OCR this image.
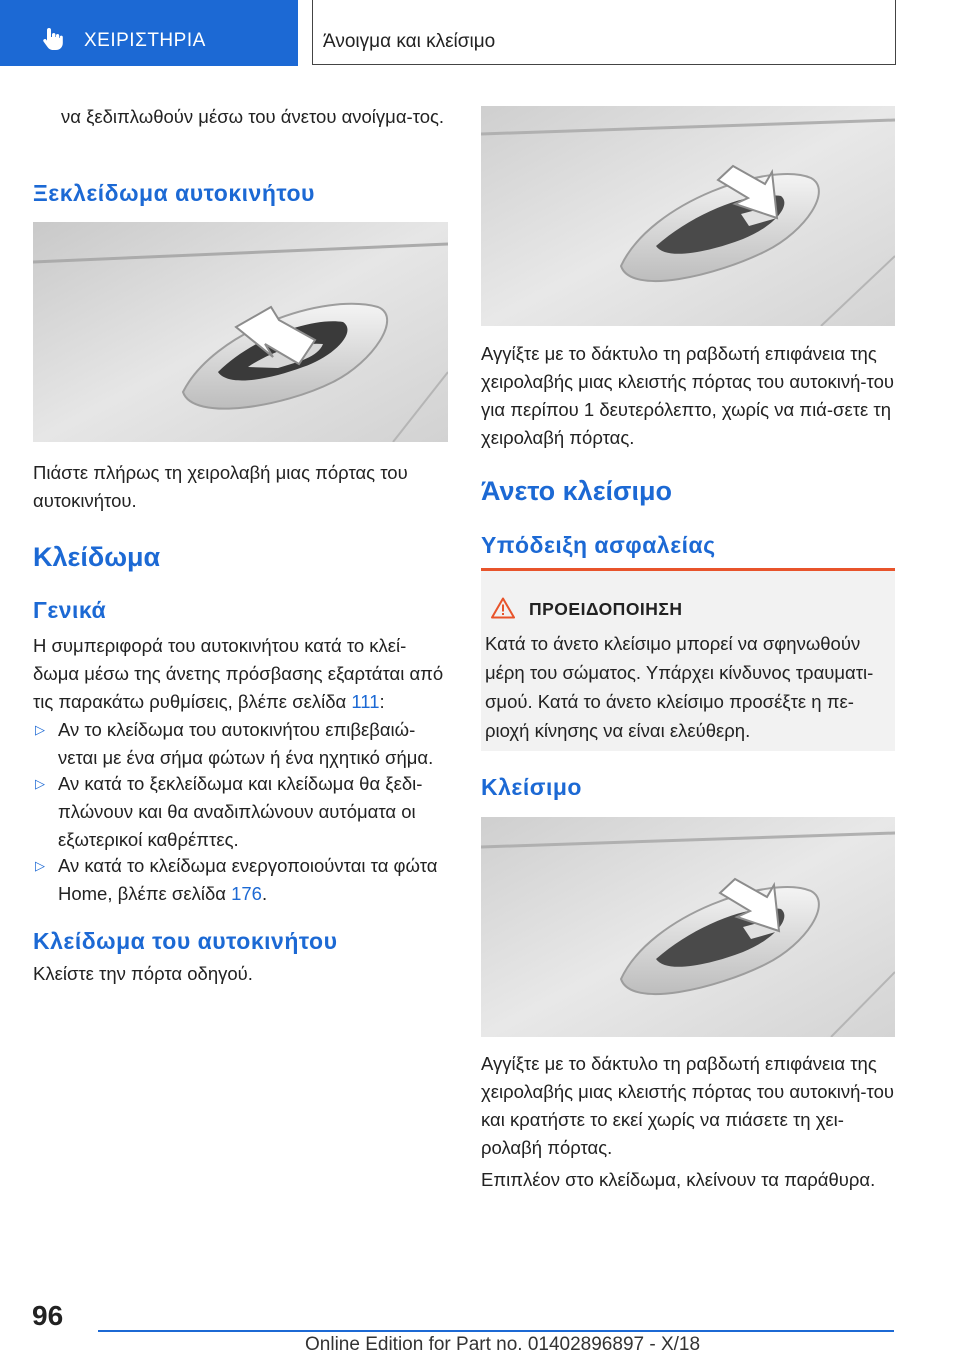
ΧΕΙΡΙΣΤΗΡΙΑ	Άνοιγμα και κλείσιμο

να ξεδιπλωθούν μέσω του άνετου ανοίγμα-τος.

Ξεκλείδωμα αυτοκινήτου

Πιάστε πλήρως τη χειρολαβή μιας πόρτας του αυτοκινήτου.

Κλείδωμα
Γενικά

Η συμπεριφορά του αυτοκινήτου κατά το κλεί-δωμα μέσω της άνετης πρόσβασης εξαρτάται από τις παρακάτω ρυθμίσεις, βλέπε σελίδα 111:

▷ Αν το κλείδωμα του αυτοκινήτου επιβεβαιώ-νεται με ένα σήμα φώτων ή ένα ηχητικό σήμα.
▷ Αν κατά το ξεκλείδωμα και κλείδωμα θα ξεδι-πλώνουν και θα αναδιπλώνουν αυτόματα οι εξωτερικοί καθρέπτες.
▷ Αν κατά το κλείδωμα ενεργοποιούνται τα φώτα Home, βλέπε σελίδα 176.
Κλείδωμα του αυτοκινήτου

Κλείστε την πόρτα οδηγού.

Αγγίξτε με το δάκτυλο τη ραβδωτή επιφάνεια της χειρολαβής μιας κλειστής πόρτας του αυτοκινή-του για περίπου 1 δευτερόλεπτο, χωρίς να πιά-σετε τη χειρολαβή πόρτας.

Άνετο κλείσιμο
Υπόδειξη ασφαλείας
ΠΡΟΕΙΔΟΠΟΙΗΣΗ

Κατά το άνετο κλείσιμο μπορεί να σφηνωθούν μέρη του σώματος. Υπάρχει κίνδυνος τραυματι-σμού. Κατά το άνετο κλείσιμο προσέξτε η πε-ριοχή κίνησης να είναι ελεύθερη.

Κλείσιμο

Αγγίξτε με το δάκτυλο τη ραβδωτή επιφάνεια της χειρολαβής μιας κλειστής πόρτας του αυτοκινή-του και κρατήστε το εκεί χωρίς να πιάσετε τη χει-ρολαβή πόρτας.

Επιπλέον στο κλείδωμα, κλείνουν τα παράθυρα.

96
Online Edition for Part no. 01402896897 - X/18
